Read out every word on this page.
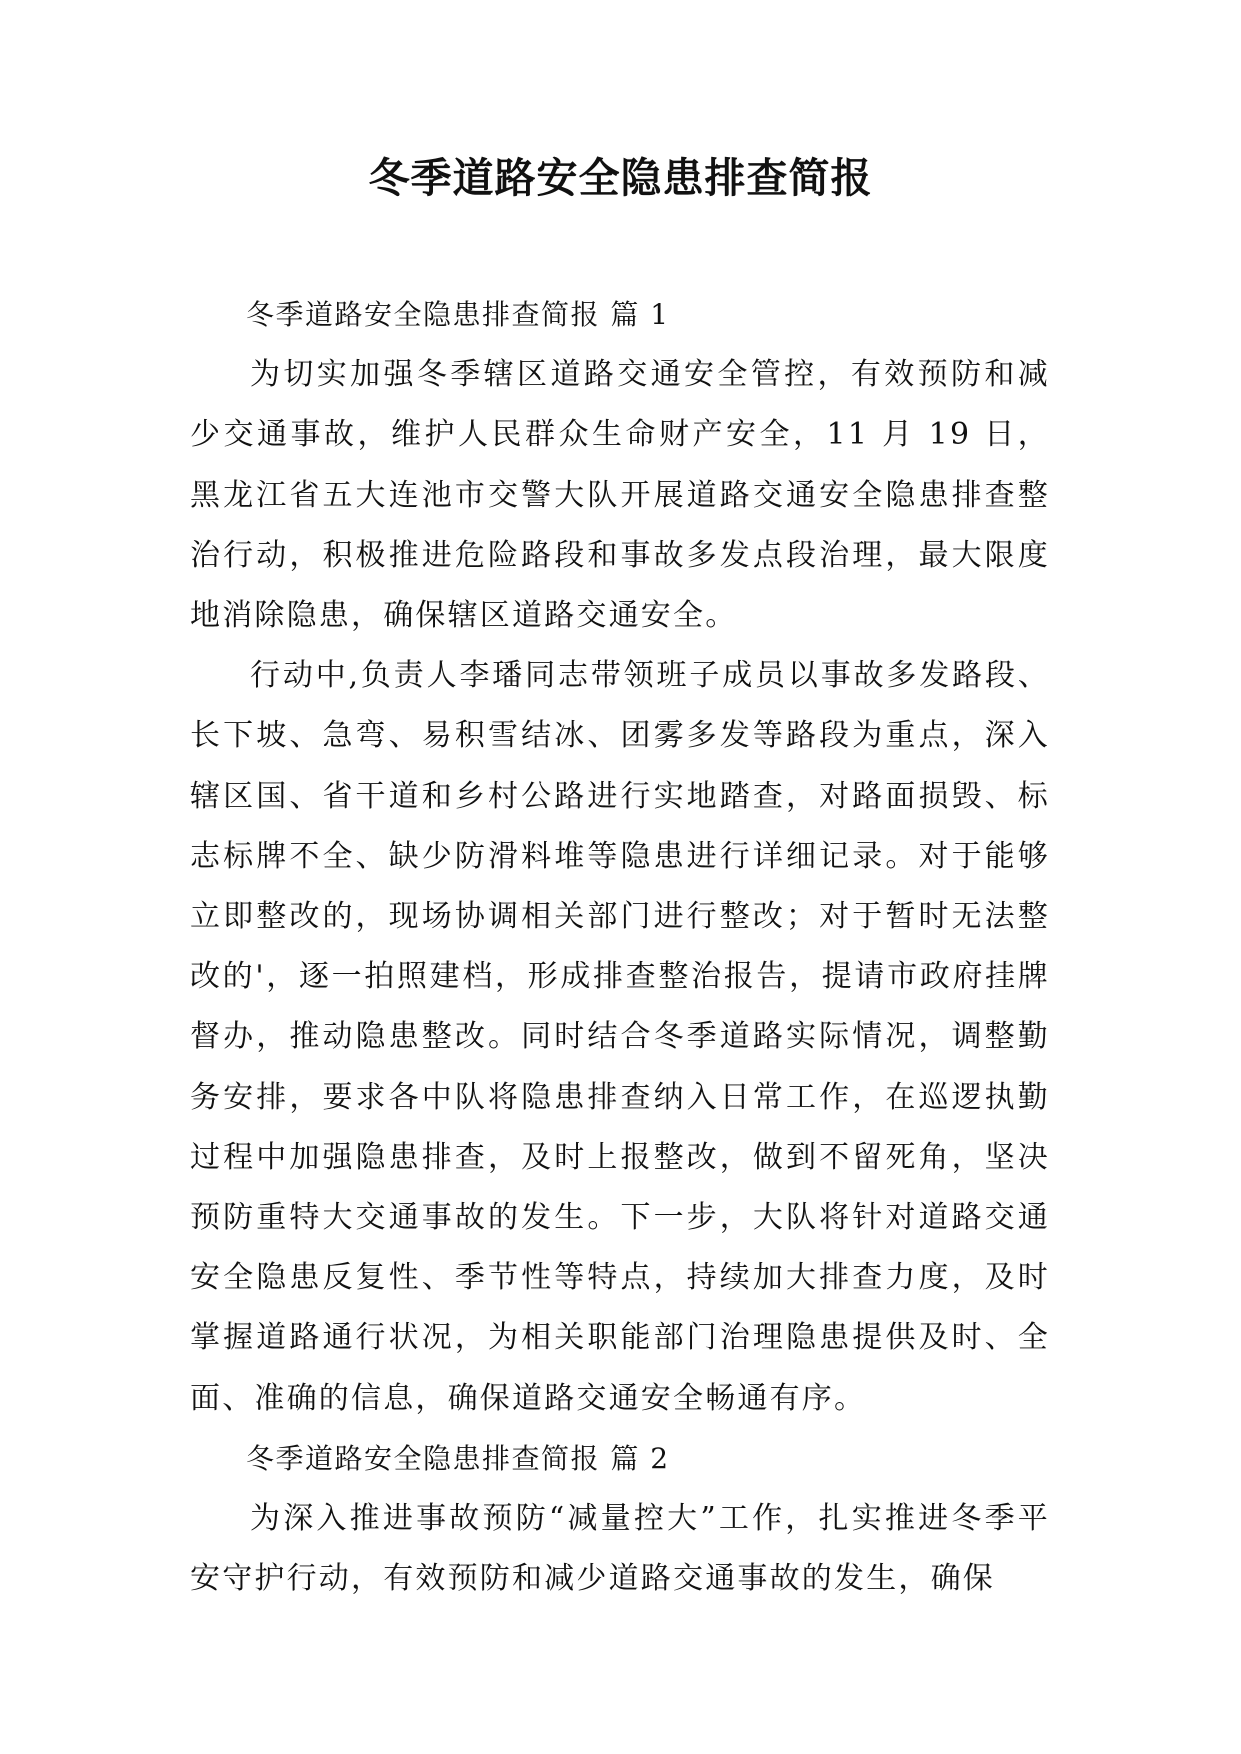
冬季道路安全隐患排查简报

冬季道路安全隐患排查简报 篇 1

为切实加强冬季辖区道路交通安全管控，有效预防和减少交通事故，维护人民群众生命财产安全，11 月 19 日，黑龙江省五大连池市交警大队开展道路交通安全隐患排查整治行动，积极推进危险路段和事故多发点段治理，最大限度地消除隐患，确保辖区道路交通安全。

行动中,负责人李璠同志带领班子成员以事故多发路段、长下坡、急弯、易积雪结冰、团雾多发等路段为重点，深入辖区国、省干道和乡村公路进行实地踏查，对路面损毁、标志标牌不全、缺少防滑料堆等隐患进行详细记录。对于能够立即整改的，现场协调相关部门进行整改；对于暂时无法整改的'，逐一拍照建档，形成排查整治报告，提请市政府挂牌督办，推动隐患整改。同时结合冬季道路实际情况，调整勤务安排，要求各中队将隐患排查纳入日常工作，在巡逻执勤过程中加强隐患排查，及时上报整改，做到不留死角，坚决预防重特大交通事故的发生。下一步，大队将针对道路交通安全隐患反复性、季节性等特点，持续加大排查力度，及时掌握道路通行状况，为相关职能部门治理隐患提供及时、全面、准确的信息，确保道路交通安全畅通有序。

冬季道路安全隐患排查简报 篇 2

为深入推进事故预防“减量控大”工作，扎实推进冬季平安守护行动，有效预防和减少道路交通事故的发生，确保
